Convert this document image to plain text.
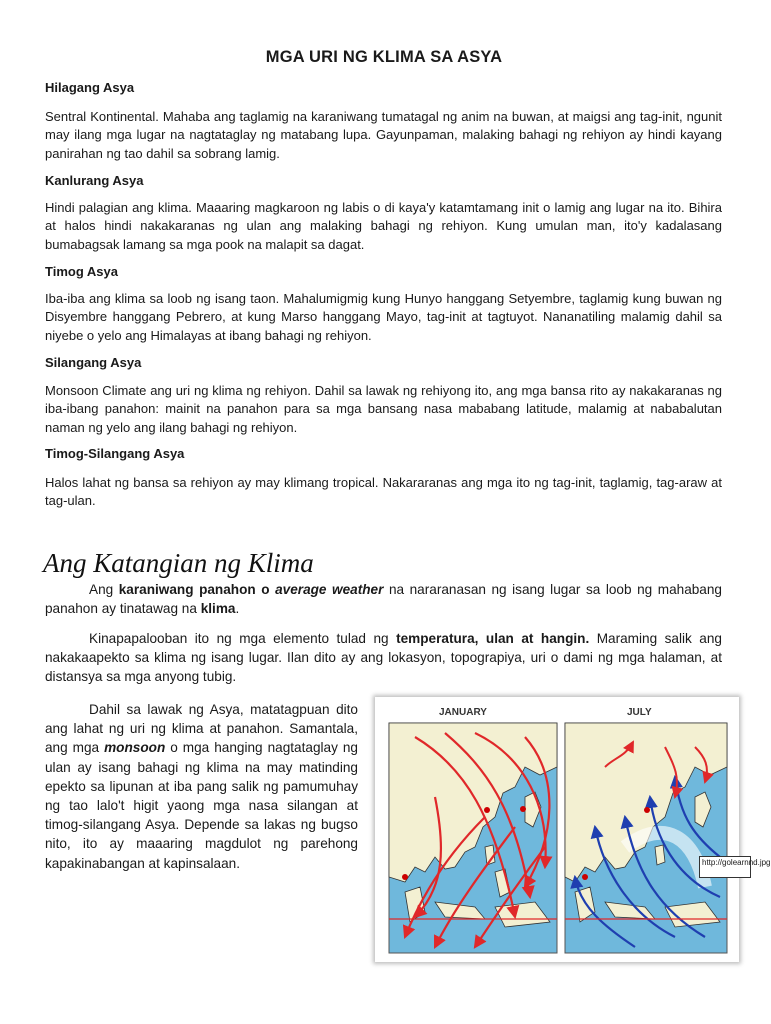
MGA URI NG KLIMA SA ASYA
Hilagang Asya
Sentral Kontinental. Mahaba ang taglamig na karaniwang tumatagal ng anim na buwan, at maigsi ang tag-init, ngunit may ilang mga lugar na nagtataglay ng matabang lupa. Gayunpaman, malaking bahagi ng rehiyon ay hindi kayang panirahan ng tao dahil sa sobrang lamig.
Kanlurang Asya
Hindi palagian ang klima. Maaaring magkaroon ng labis o di kaya'y katamtamang init o lamig ang lugar na ito. Bihira at halos hindi nakakaranas ng ulan ang malaking bahagi ng rehiyon. Kung umulan man, ito'y kadalasang bumabagsak lamang sa mga pook na malapit sa dagat.
Timog Asya
Iba-iba ang klima sa loob ng isang taon. Mahalumigmig kung Hunyo hanggang Setyembre, taglamig kung buwan ng Disyembre hanggang Pebrero, at kung Marso hanggang Mayo, tag-init at tagtuyot. Nananatiling malamig dahil sa niyebe o yelo ang Himalayas at ibang bahagi ng rehiyon.
Silangang Asya
Monsoon Climate ang uri ng klima ng rehiyon. Dahil sa lawak ng rehiyong ito, ang mga bansa rito ay nakakaranas ng iba-ibang panahon: mainit na panahon para sa mga bansang nasa mababang latitude, malamig at nababalutan naman ng yelo ang ilang bahagi ng rehiyon.
Timog-Silangang Asya
Halos lahat ng bansa sa rehiyon ay may klimang tropical. Nakararanas ang mga ito ng tag-init, taglamig, tag-araw at tag-ulan.
Ang Katangian ng Klima
Ang karaniwang panahon o average weather na nararanasan ng isang lugar sa loob ng mahabang panahon ay tinatawag na klima.
Kinapapalooban ito ng mga elemento tulad ng temperatura, ulan at hangin. Maraming salik ang nakakaapekto sa klima ng isang lugar. Ilan dito ay ang lokasyon, topograpiya, uri o dami ng mga halaman, at distansya sa mga anyong tubig.
Dahil sa lawak ng Asya, matatagpuan dito ang lahat ng uri ng klima at panahon. Samantala, ang mga monsoon o mga hanging nagtataglay ng ulan ay isang bahagi ng klima na may matinding epekto sa lipunan at iba pang salik ng pamumuhay ng tao lalo't higit yaong mga nasa silangan at timog-silangang Asya. Depende sa lakas ng bugso nito, ito ay maaaring magdulot ng parehong kapakinabangan at kapinsalaan.
JANUARY	JULY
http://golearnnd.jpg
